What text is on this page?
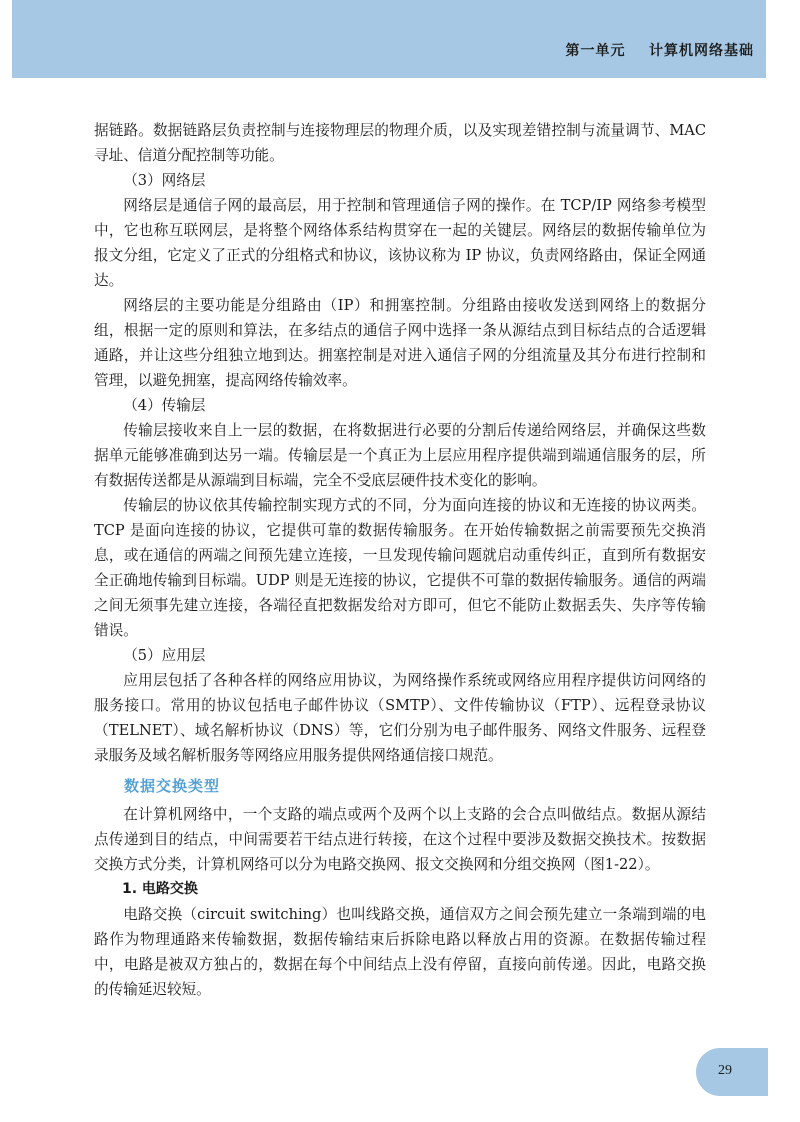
第一单元    计算机网络基础

据链路。数据链路层负责控制与连接物理层的物理介质，以及实现差错控制与流量调节、MAC 寻址、信道分配控制等功能。

（3）网络层

网络层是通信子网的最高层，用于控制和管理通信子网的操作。在 TCP/IP 网络参考模型中，它也称互联网层，是将整个网络体系结构贯穿在一起的关键层。网络层的数据传输单位为报文分组，它定义了正式的分组格式和协议，该协议称为 IP 协议，负责网络路由，保证全网通达。

网络层的主要功能是分组路由（IP）和拥塞控制。分组路由接收发送到网络上的数据分组，根据一定的原则和算法，在多结点的通信子网中选择一条从源结点到目标结点的合适逻辑通路，并让这些分组独立地到达。拥塞控制是对进入通信子网的分组流量及其分布进行控制和管理，以避免拥塞，提高网络传输效率。

（4）传输层

传输层接收来自上一层的数据，在将数据进行必要的分割后传递给网络层，并确保这些数据单元能够准确到达另一端。传输层是一个真正为上层应用程序提供端到端通信服务的层，所有数据传送都是从源端到目标端，完全不受底层硬件技术变化的影响。

传输层的协议依其传输控制实现方式的不同，分为面向连接的协议和无连接的协议两类。TCP 是面向连接的协议，它提供可靠的数据传输服务。在开始传输数据之前需要预先交换消息，或在通信的两端之间预先建立连接，一旦发现传输问题就启动重传纠正，直到所有数据安全正确地传输到目标端。UDP 则是无连接的协议，它提供不可靠的数据传输服务。通信的两端之间无须事先建立连接，各端径直把数据发给对方即可，但它不能防止数据丢失、失序等传输错误。

（5）应用层

应用层包括了各种各样的网络应用协议，为网络操作系统或网络应用程序提供访问网络的服务接口。常用的协议包括电子邮件协议（SMTP）、文件传输协议（FTP）、远程登录协议（TELNET）、域名解析协议（DNS）等，它们分别为电子邮件服务、网络文件服务、远程登录服务及域名解析服务等网络应用服务提供网络通信接口规范。

数据交换类型

在计算机网络中，一个支路的端点或两个及两个以上支路的会合点叫做结点。数据从源结点传递到目的结点，中间需要若干结点进行转接，在这个过程中要涉及数据交换技术。按数据交换方式分类，计算机网络可以分为电路交换网、报文交换网和分组交换网（图1-22）。

1. 电路交换

电路交换（circuit switching）也叫线路交换，通信双方之间会预先建立一条端到端的电路作为物理通路来传输数据，数据传输结束后拆除电路以释放占用的资源。在数据传输过程中，电路是被双方独占的，数据在每个中间结点上没有停留，直接向前传递。因此，电路交换的传输延迟较短。

29
